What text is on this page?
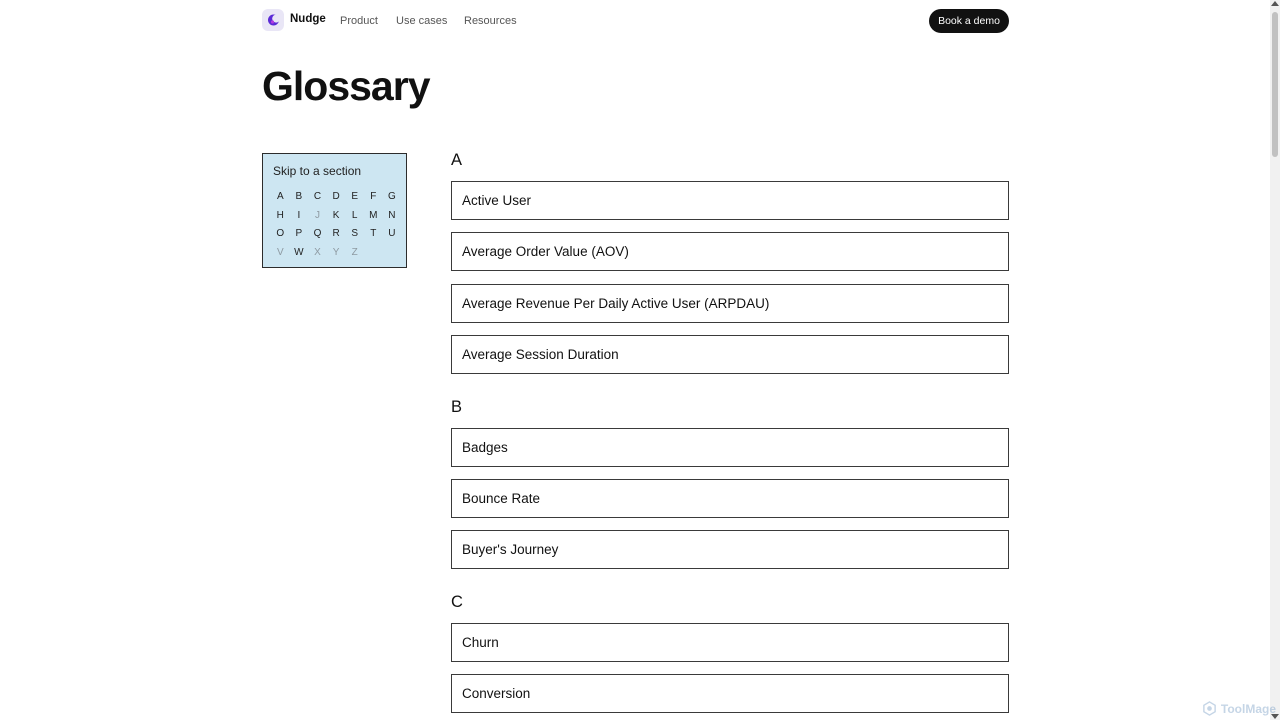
Nudge Product Use cases Resources	Book a demo
Glossary
Skip to a section
A	B	C	D	E	F	G
H	I	J	K	L	M	N
O	P	Q	R	S	T	U
V	W	X	Y	Z
A
Active User
Average Order Value (AOV)
Average Revenue Per Daily Active User (ARPDAU)
Average Session Duration
B
Badges
Bounce Rate
Buyer's Journey
C
Churn
Conversion
ToolMage
